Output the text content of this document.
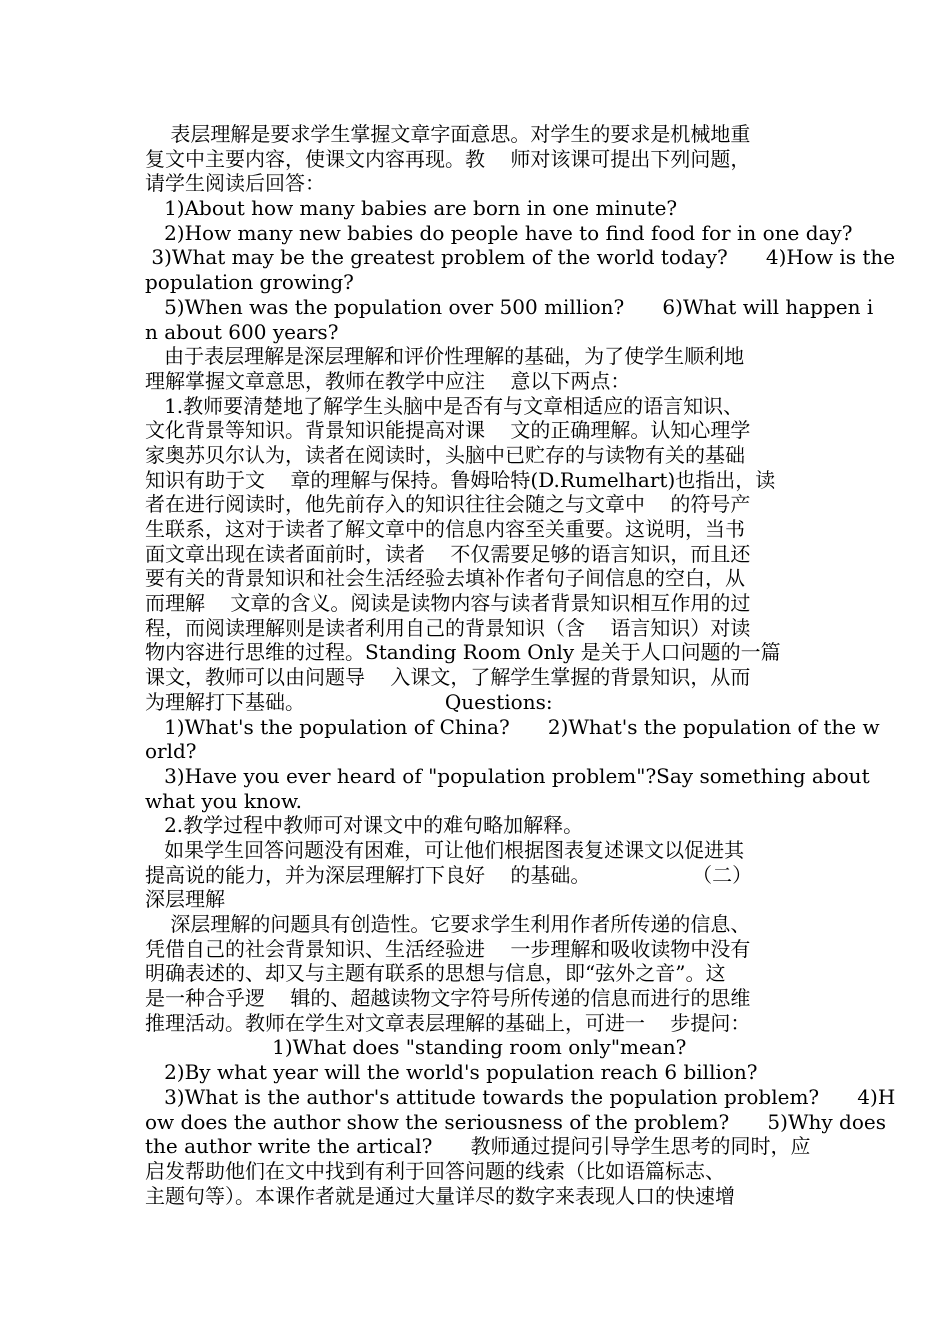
表层理解是要求学生掌握文章字面意思。对学生的要求是机械地重
复文中主要内容，使课文内容再现。教    师对该课可提出下列问题，
请学生阅读后回答：
1)About how many babies are born in one minute?
2)How many new babies do people have to find food for in one day?
3)What may be the greatest problem of the world today?      4)How is the
population growing?
5)When was the population over 500 million?      6)What will happen i
n about 600 years?
由于表层理解是深层理解和评价性理解的基础，为了使学生顺利地
理解掌握文章意思，教师在教学中应注    意以下两点：
1.教师要清楚地了解学生头脑中是否有与文章相适应的语言知识、
文化背景等知识。背景知识能提高对课    文的正确理解。认知心理学
家奥苏贝尔认为，读者在阅读时，头脑中已贮存的与读物有关的基础
知识有助于文    章的理解与保持。鲁姆哈特(D.Rumelhart)也指出，读
者在进行阅读时，他先前存入的知识往往会随之与文章中    的符号产
生联系，这对于读者了解文章中的信息内容至关重要。这说明，当书
面文章出现在读者面前时，读者    不仅需要足够的语言知识，而且还
要有关的背景知识和社会生活经验去填补作者句子间信息的空白，从
而理解    文章的含义。阅读是读物内容与读者背景知识相互作用的过
程，而阅读理解则是读者利用自己的背景知识（含    语言知识）对读
物内容进行思维的过程。Standing Room Only 是关于人口问题的一篇
课文，教师可以由问题导    入课文，了解学生掌握的背景知识，从而
为理解打下基础。                      Questions:
1)What's the population of China?      2)What's the population of the w
orld?
3)Have you ever heard of "population problem"?Say something about
what you know.
2.教学过程中教师可对课文中的难句略加解释。
如果学生回答问题没有困难，可让他们根据图表复述课文以促进其
提高说的能力，并为深层理解打下良好    的基础。                （二）
深层理解
深层理解的问题具有创造性。它要求学生利用作者所传递的信息、
凭借自己的社会背景知识、生活经验进    一步理解和吸收读物中没有
明确表述的、却又与主题有联系的思想与信息，即“弦外之音”。这
是一种合乎逻    辑的、超越读物文字符号所传递的信息而进行的思维
推理活动。教师在学生对文章表层理解的基础上，可进一    步提问：
1)What does "standing room only"mean?
2)By what year will the world's population reach 6 billion?
3)What is the author's attitude towards the population problem?      4)H
ow does the author show the seriousness of the problem?      5)Why does
the author write the artical?      教师通过提问引导学生思考的同时，应
启发帮助他们在文中找到有利于回答问题的线索（比如语篇标志、
主题句等）。本课作者就是通过大量详尽的数字来表现人口的快速增
